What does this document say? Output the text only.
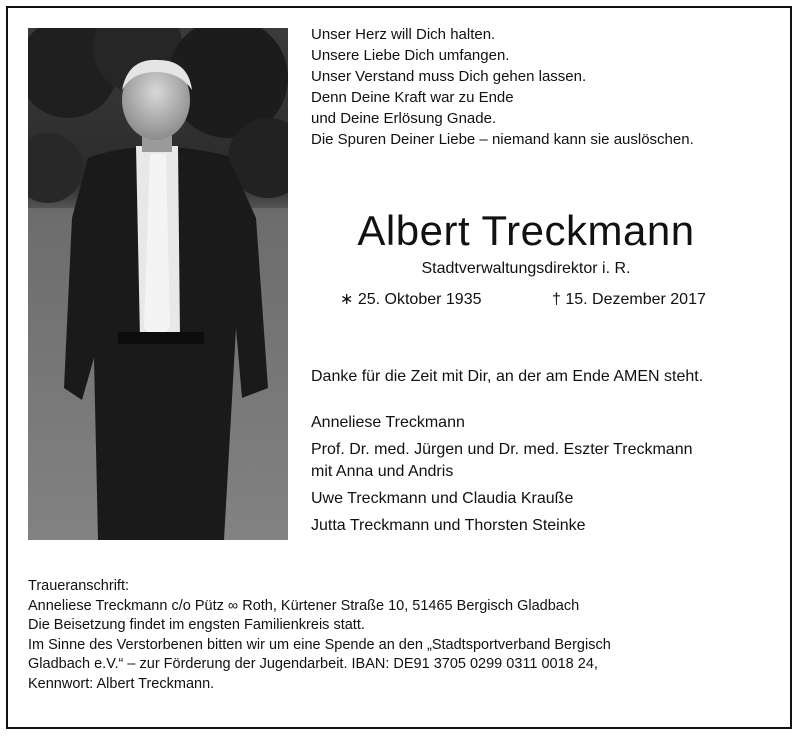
Unser Herz will Dich halten.
Unsere Liebe Dich umfangen.
Unser Verstand muss Dich gehen lassen.
Denn Deine Kraft war zu Ende
und Deine Erlösung Gnade.
Die Spuren Deiner Liebe – niemand kann sie auslöschen.
Albert Treckmann
Stadtverwaltungsdirektor i. R.
∗ 25. Oktober 1935	† 15. Dezember 2017
Danke für die Zeit mit Dir, an der am Ende AMEN steht.
Anneliese Treckmann
Prof. Dr. med. Jürgen und Dr. med. Eszter Treckmann
mit Anna und Andris
Uwe Treckmann und Claudia Krauße
Jutta Treckmann und Thorsten Steinke
Traueranschrift:
Anneliese Treckmann c/o Pütz ∞ Roth, Kürtener Straße 10, 51465 Bergisch Gladbach
Die Beisetzung findet im engsten Familienkreis statt.
Im Sinne des Verstorbenen bitten wir um eine Spende an den „Stadtsportverband Bergisch
Gladbach e.V.“ – zur Förderung der Jugendarbeit. IBAN: DE91 3705 0299 0311 0018 24,
Kennwort: Albert Treckmann.
